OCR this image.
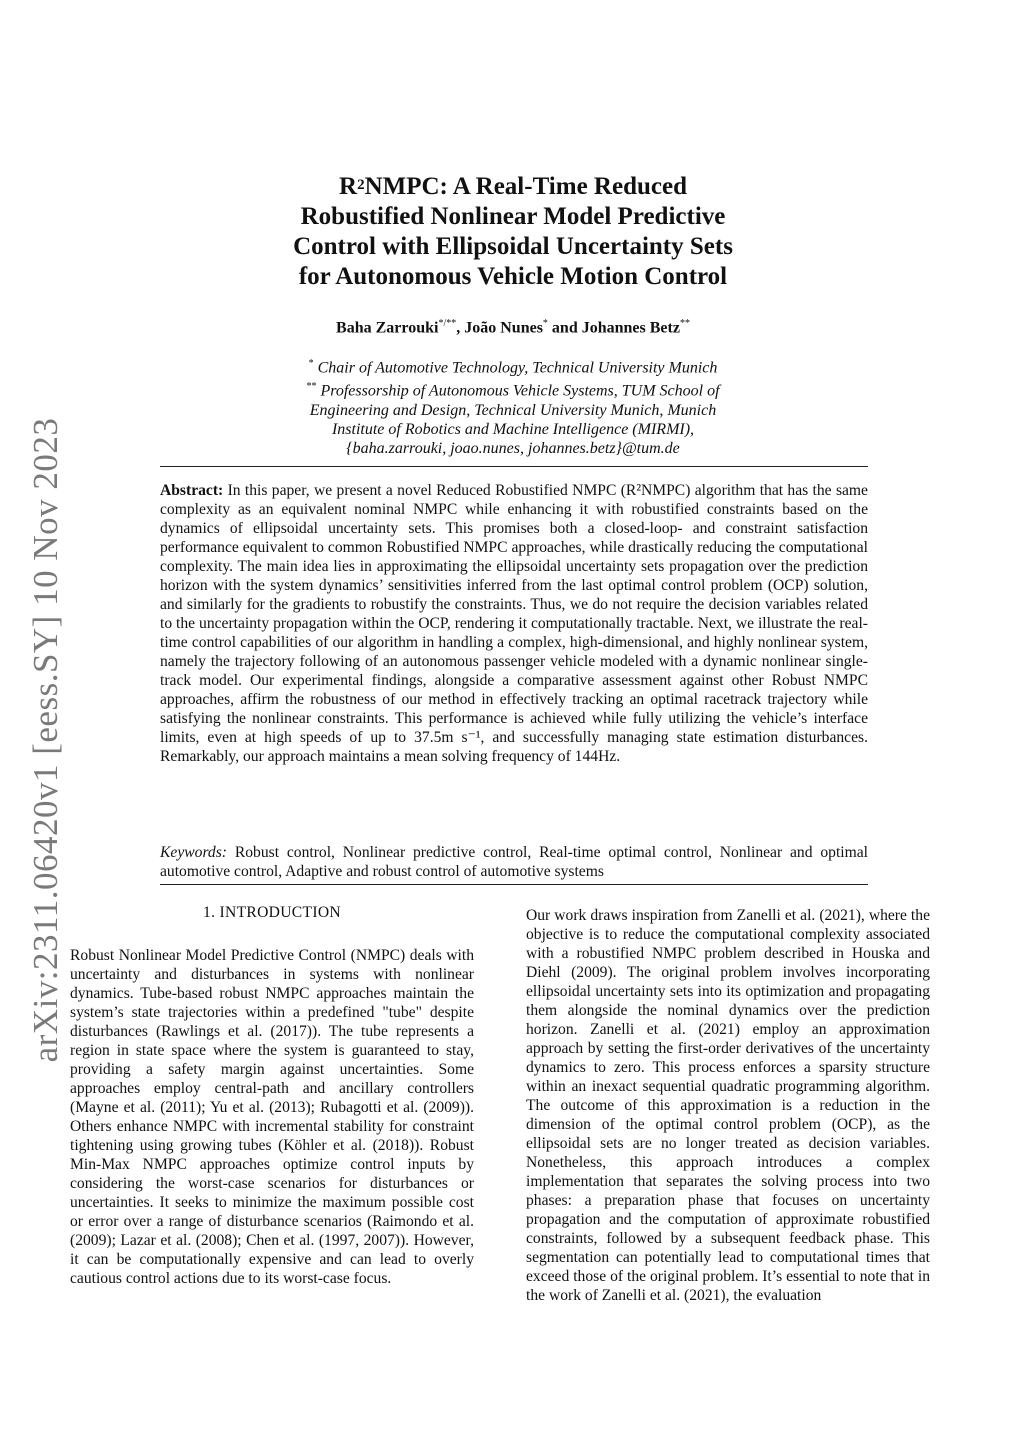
arXiv:2311.06420v1 [eess.SY] 10 Nov 2023
$R^2NMPC$: A Real-Time Reduced
Robustified Nonlinear Model Predictive
Control with Ellipsoidal Uncertainty Sets
for Autonomous Vehicle Motion Control
Baha Zarrouki*/**, João Nunes* and Johannes Betz**
* Chair of Automotive Technology, Technical University Munich
** Professorship of Autonomous Vehicle Systems, TUM School of
Engineering and Design, Technical University Munich, Munich
Institute of Robotics and Machine Intelligence (MIRMI),
{baha.zarrouki, joao.nunes, johannes.betz}@tum.de

Abstract: In this paper, we present a novel Reduced Robustified NMPC (R²NMPC) algorithm that has the same complexity as an equivalent nominal NMPC while enhancing it with robustified constraints based on the dynamics of ellipsoidal uncertainty sets. This promises both a closed-loop- and constraint satisfaction performance equivalent to common Robustified NMPC approaches, while drastically reducing the computational complexity. The main idea lies in approximating the ellipsoidal uncertainty sets propagation over the prediction horizon with the system dynamics’ sensitivities inferred from the last optimal control problem (OCP) solution, and similarly for the gradients to robustify the constraints. Thus, we do not require the decision variables related to the uncertainty propagation within the OCP, rendering it computationally tractable. Next, we illustrate the real-time control capabilities of our algorithm in handling a complex, high-dimensional, and highly nonlinear system, namely the trajectory following of an autonomous passenger vehicle modeled with a dynamic nonlinear single-track model. Our experimental findings, alongside a comparative assessment against other Robust NMPC approaches, affirm the robustness of our method in effectively tracking an optimal racetrack trajectory while satisfying the nonlinear constraints. This performance is achieved while fully utilizing the vehicle’s interface limits, even at high speeds of up to 37.5m s⁻¹, and successfully managing state estimation disturbances. Remarkably, our approach maintains a mean solving frequency of 144Hz.

Keywords: Robust control, Nonlinear predictive control, Real-time optimal control, Nonlinear and optimal automotive control, Adaptive and robust control of automotive systems

1. INTRODUCTION

Robust Nonlinear Model Predictive Control (NMPC) deals with uncertainty and disturbances in systems with nonlinear dynamics. Tube-based robust NMPC approaches maintain the system’s state trajectories within a predefined "tube" despite disturbances (Rawlings et al. (2017)). The tube represents a region in state space where the system is guaranteed to stay, providing a safety margin against uncertainties. Some approaches employ central-path and ancillary controllers (Mayne et al. (2011); Yu et al. (2013); Rubagotti et al. (2009)). Others enhance NMPC with incremental stability for constraint tightening using growing tubes (Köhler et al. (2018)). Robust Min-Max NMPC approaches optimize control inputs by considering the worst-case scenarios for disturbances or uncertainties. It seeks to minimize the maximum possible cost or error over a range of disturbance scenarios (Raimondo et al. (2009); Lazar et al. (2008); Chen et al. (1997, 2007)). However, it can be computationally expensive and can lead to overly cautious control actions due to its worst-case focus.

Our work draws inspiration from Zanelli et al. (2021), where the objective is to reduce the computational complexity associated with a robustified NMPC problem described in Houska and Diehl (2009). The original problem involves incorporating ellipsoidal uncertainty sets into its optimization and propagating them alongside the nominal dynamics over the prediction horizon. Zanelli et al. (2021) employ an approximation approach by setting the first-order derivatives of the uncertainty dynamics to zero. This process enforces a sparsity structure within an inexact sequential quadratic programming algorithm. The outcome of this approximation is a reduction in the dimension of the optimal control problem (OCP), as the ellipsoidal sets are no longer treated as decision variables. Nonetheless, this approach introduces a complex implementation that separates the solving process into two phases: a preparation phase that focuses on uncertainty propagation and the computation of approximate robustified constraints, followed by a subsequent feedback phase. This segmentation can potentially lead to computational times that exceed those of the original problem. It’s essential to note that in the work of Zanelli et al. (2021), the evaluation
